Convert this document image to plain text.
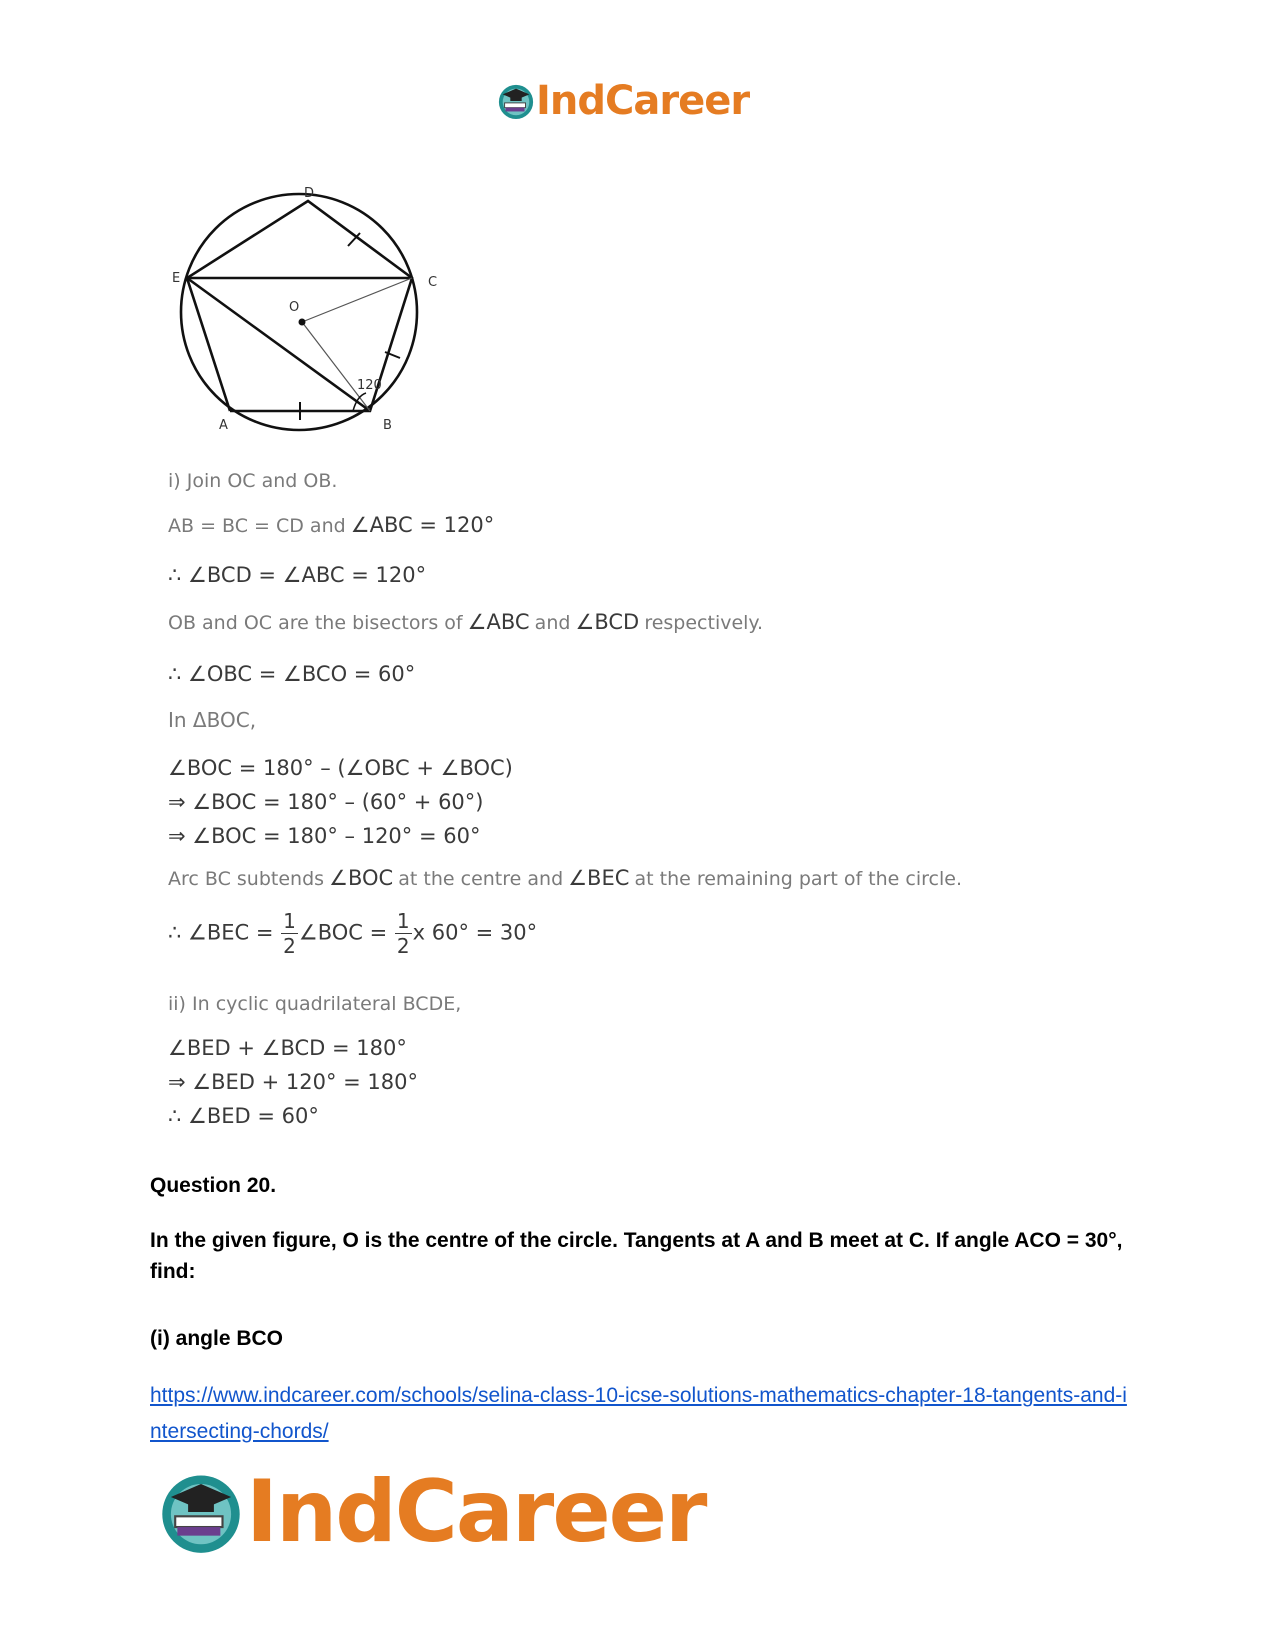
IndCareer
D
C
E
O
A	B
120
i) Join OC and OB.
AB = BC = CD and ∠ABC = 120°
∴ ∠BCD = ∠ABC = 120°
OB and OC are the bisectors of ∠ABC and ∠BCD respectively.
∴ ∠OBC = ∠BCO = 60°
In ΔBOC,
∠BOC = 180° – (∠OBC + ∠BOC)
⇒ ∠BOC = 180° – (60° + 60°)
⇒ ∠BOC = 180° – 120° = 60°
Arc BC subtends ∠BOC at the centre and ∠BEC at the remaining part of the circle.
∴ ∠BEC = $\frac{1}{2}$ ∠BOC = $\frac{1}{2}$ x 60° = 30°
ii) In cyclic quadrilateral BCDE,
∠BED + ∠BCD = 180°
⇒ ∠BED + 120° = 180°
∴ ∠BED = 60°
Question 20.
In the given figure, O is the centre of the circle. Tangents at A and B meet at C. If angle ACO = 30°, find:
(i) angle BCO
https://www.indcareer.com/schools/selina-class-10-icse-solutions-mathematics-chapter-18-tangents-and-intersecting-chords/
IndCareer
